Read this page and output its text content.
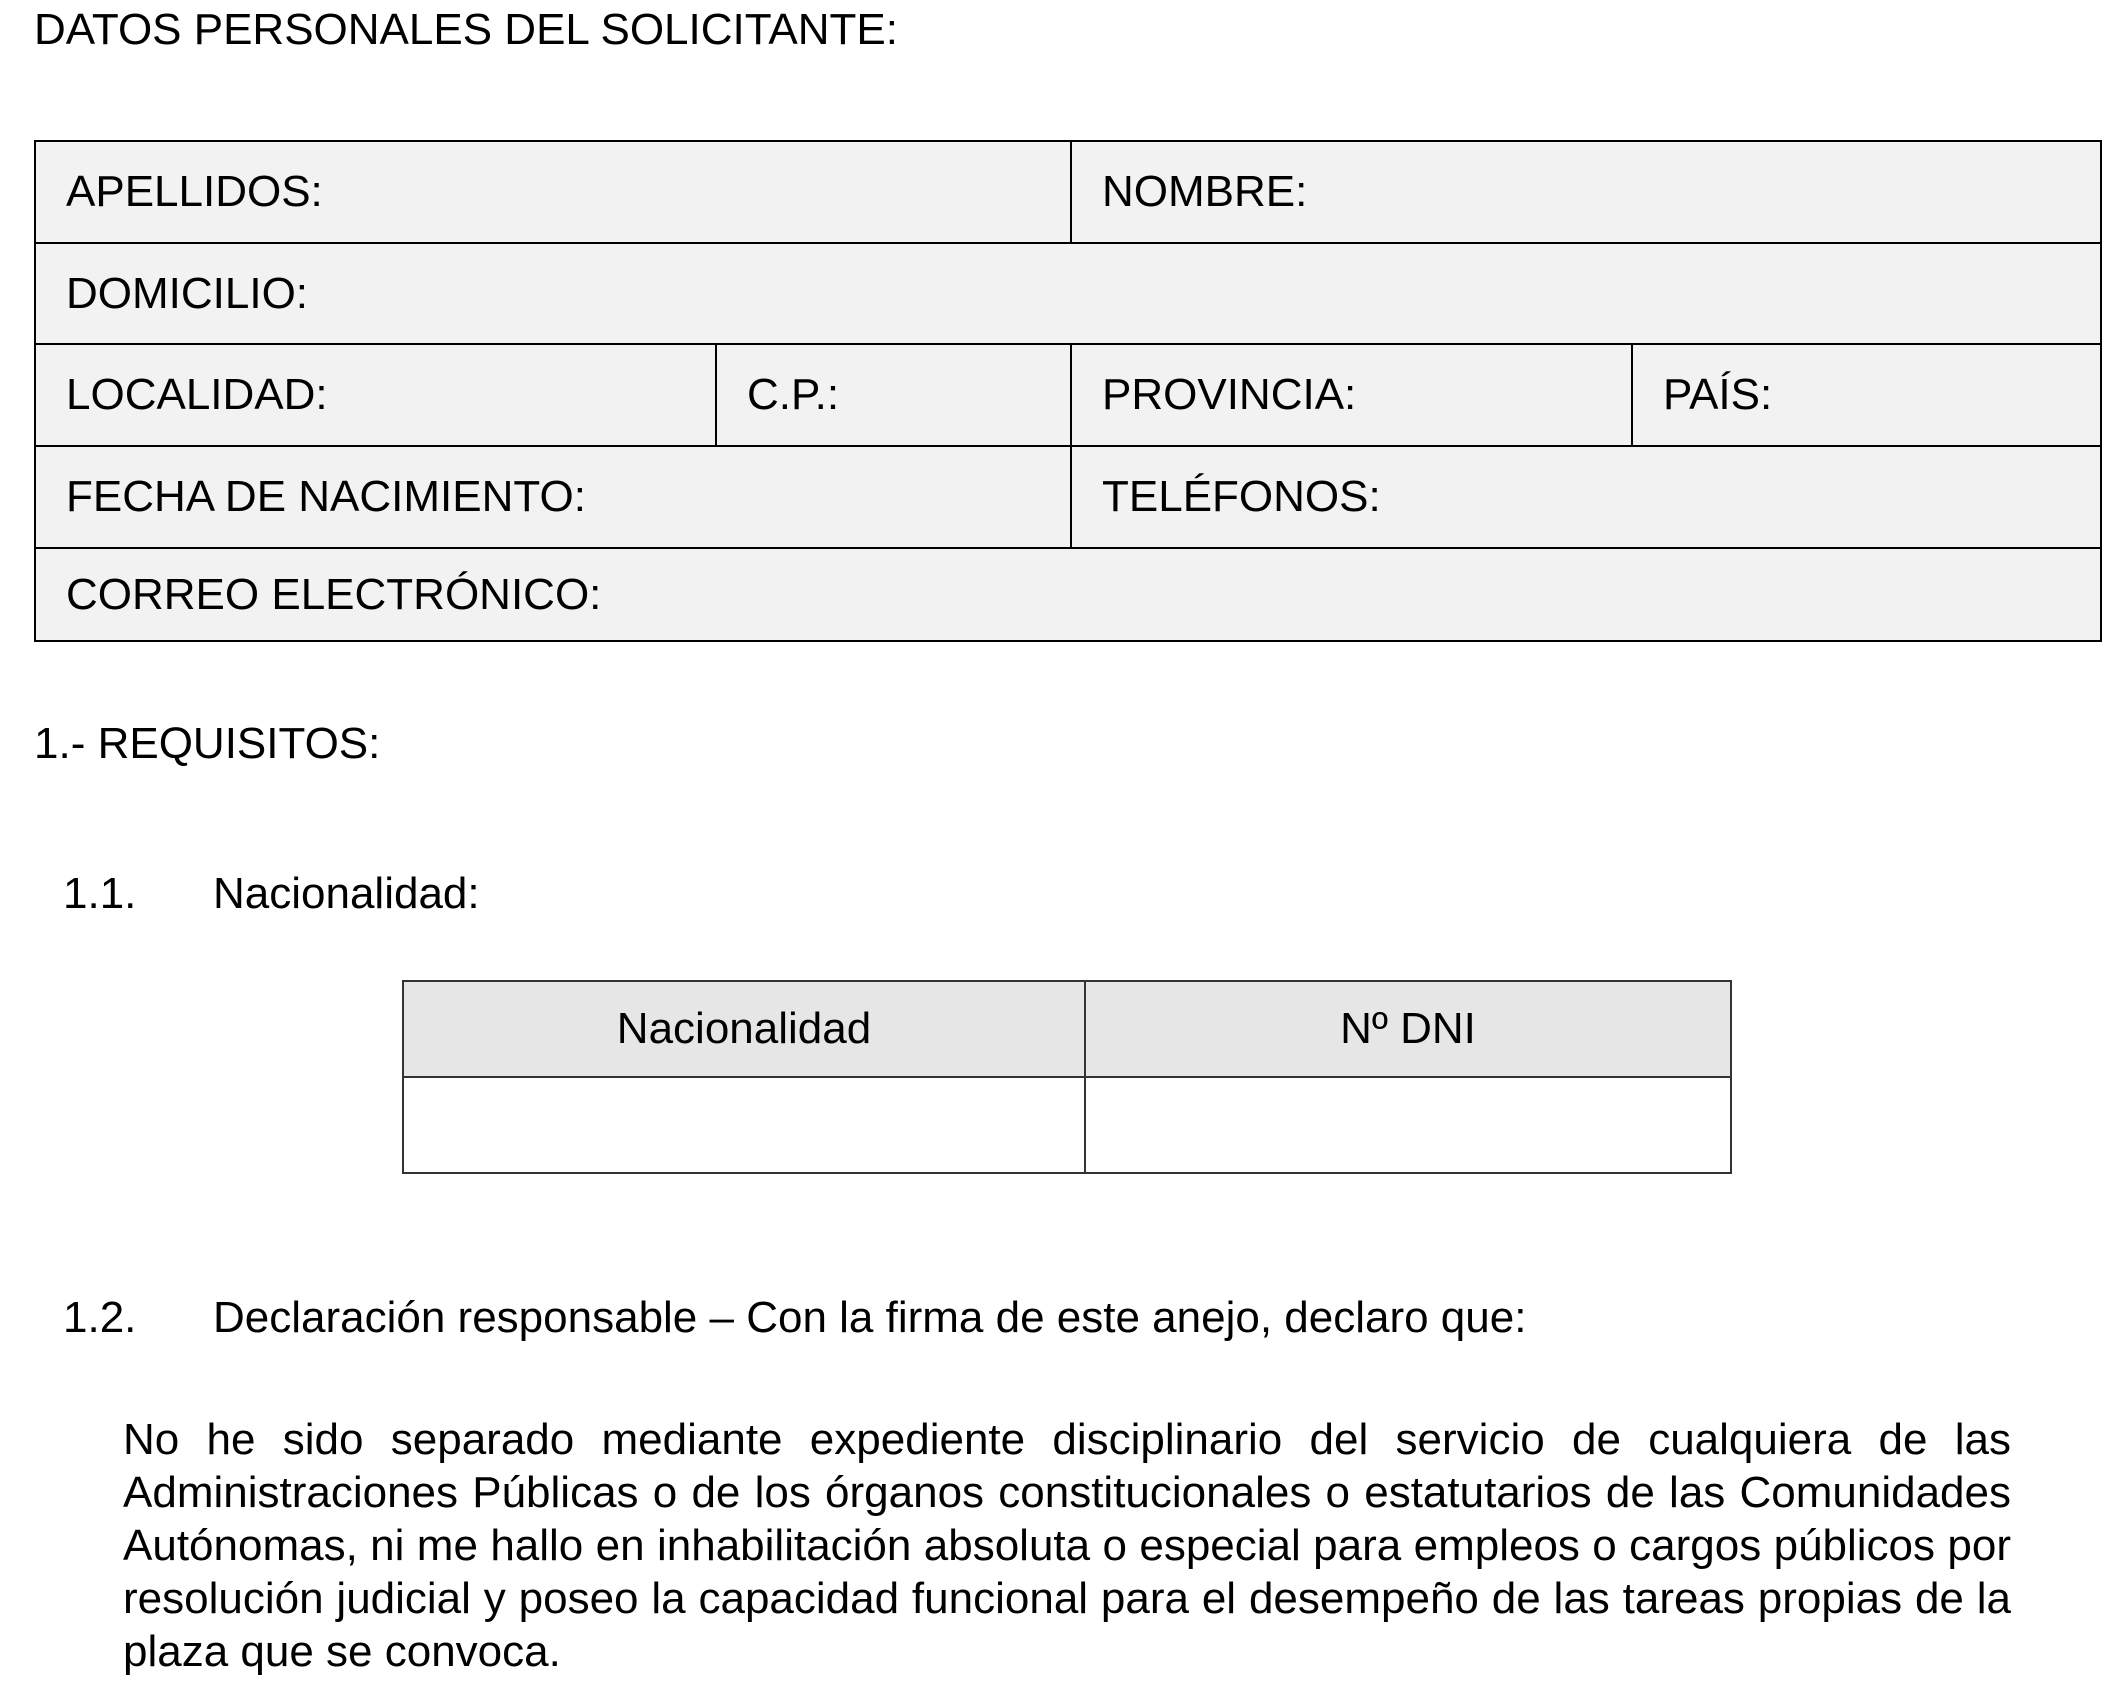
DATOS PERSONALES DEL SOLICITANTE:
APELLIDOS:	NOMBRE:
DOMICILIO:
LOCALIDAD:	C.P.:	PROVINCIA:	PAÍS:
FECHA DE NACIMIENTO:	TELÉFONOS:
CORREO ELECTRÓNICO:
1.- REQUISITOS:
1.1. Nacionalidad:
Nacionalidad	Nº DNI
1.2. Declaración responsable – Con la firma de este anejo, declaro que:
No he sido separado mediante expediente disciplinario del servicio de cualquiera de las Administraciones Públicas o de los órganos constitucionales o estatutarios de las Comunidades Autónomas, ni me hallo en inhabilitación absoluta o especial para empleos o cargos públicos por resolución judicial y poseo la capacidad funcional para el desempeño de las tareas propias de la plaza que se convoca.
